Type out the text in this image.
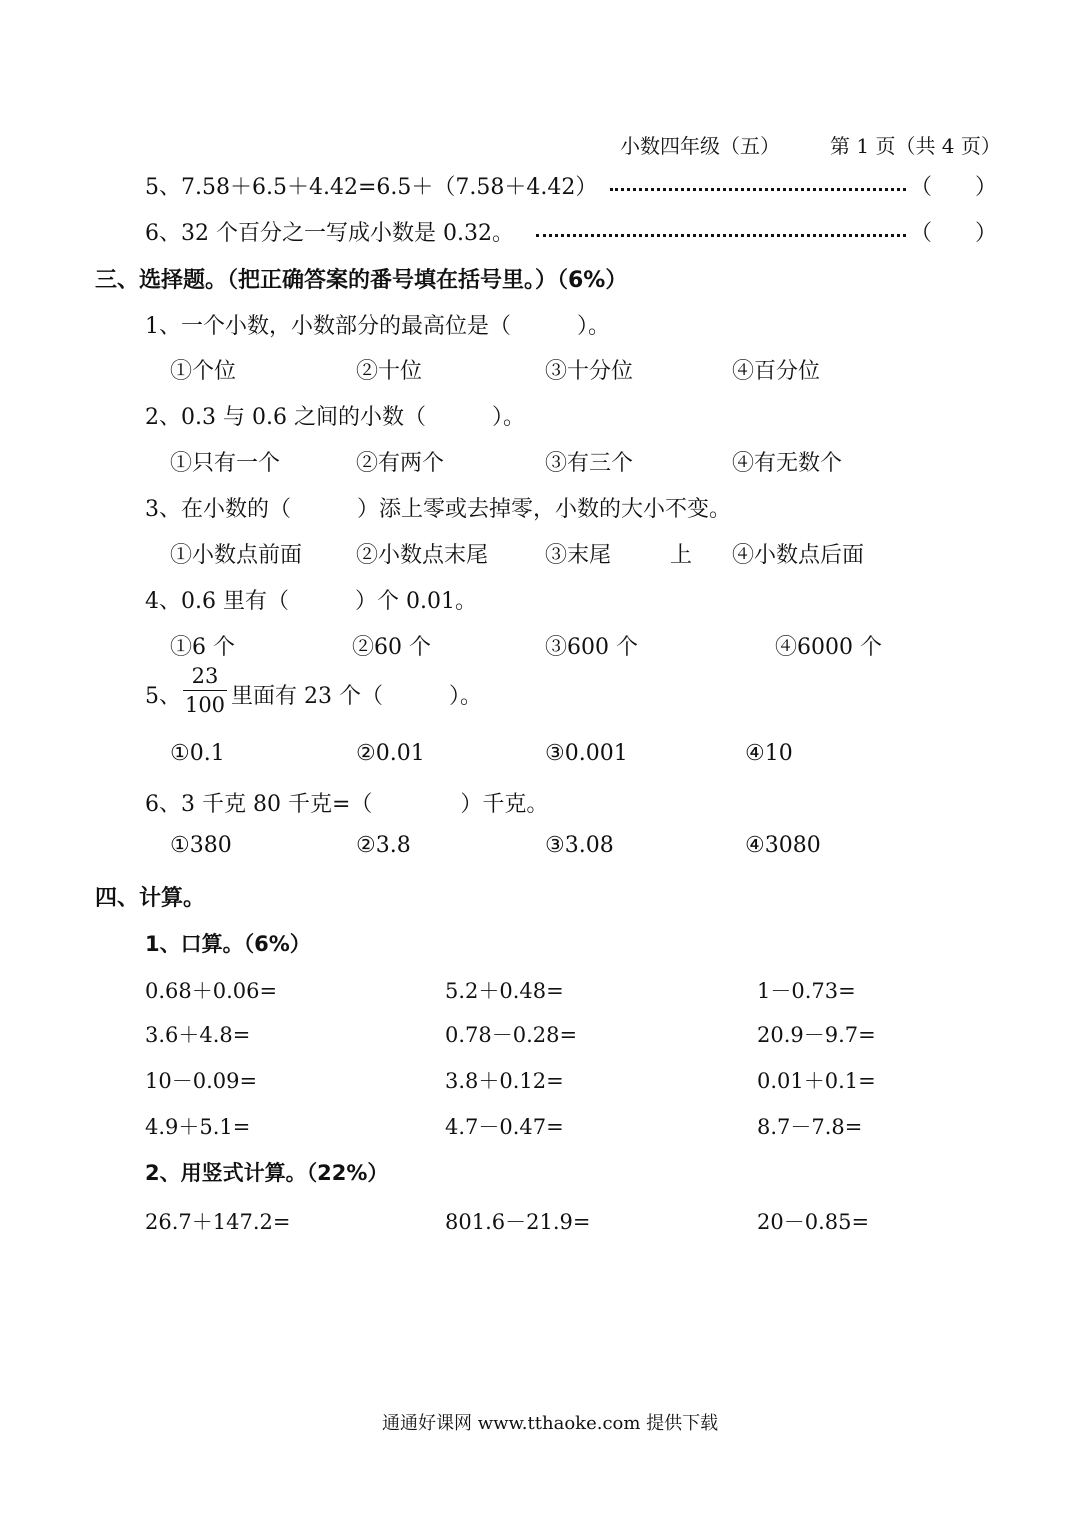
小数四年级（五）	第 1 页（共 4 页）
5、7.58＋6.5＋4.42=6.5＋（7.58＋4.42）	（ ）
6、32 个百分之一写成小数是 0.32。	（ ）
三、选择题。（把正确答案的番号填在括号里。）（6%）
1、一个小数，小数部分的最高位是（　　　）。
①个位	②十位	③十分位	④百分位
2、0.3 与 0.6 之间的小数（　　　）。
①只有一个	②有两个	③有三个	④有无数个
3、在小数的（　　　）添上零或去掉零，小数的大小不变。
①小数点前面 ②小数点末尾	③末尾	上 ④小数点后面
4、0.6 里有（　　　）个 0.01。
①6 个	②60 个	③600 个	④6000 个
5、
23
100 里面有 23 个（　　　）。
①0.1	②0.01	③0.001	④10
6、3 千克 80 千克=（　　　　）千克。
①380	②3.8	③3.08	④3080
四、计算。
1、口算。（6%）
0.68＋0.06=	5.2＋0.48=	1－0.73=
3.6＋4.8=	0.78－0.28=	20.9－9.7=
10－0.09=	3.8＋0.12=	0.01＋0.1=
4.9＋5.1=	4.7－0.47=	8.7－7.8=
2、用竖式计算。（22%）
26.7＋147.2=	801.6－21.9=	20－0.85=
通通好课网 www.tthaoke.com 提供下载
